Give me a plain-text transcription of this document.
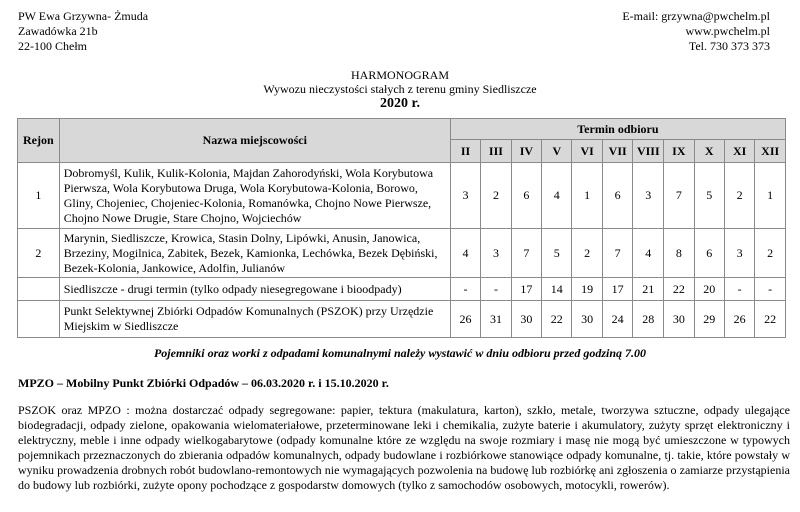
PW Ewa Grzywna- Żmuda
Zawadówka 21b
22-100 Chełm
E-mail: grzywna@pwchelm.pl
www.pwchelm.pl
Tel. 730 373 373
HARMONOGRAM
Wywozu nieczystości stałych z terenu gminy Siedliszcze
2020 r.
Rejon	Nazwa miejscowości	Termin odbioru										
		II	III	IV	V	VI	VII	VIII	IX	X	XI	XII
1	Dobromyśl, Kulik, Kulik-Kolonia, Majdan Zahorodyński, Wola Korybutowa Pierwsza, Wola Korybutowa Druga, Wola Korybutowa-Kolonia, Borowo, Gliny, Chojeniec, Chojeniec-Kolonia, Romanówka, Chojno Nowe Pierwsze, Chojno Nowe Drugie, Stare Chojno, Wojciechów	3	2	6	4	1	6	3	7	5	2	1
2	Marynin, Siedliszcze, Krowica, Stasin Dolny, Lipówki, Anusin, Janowica, Brzeziny, Mogilnica, Zabitek, Bezek, Kamionka, Lechówka, Bezek Dębiński, Bezek-Kolonia, Jankowice, Adolfin, Julianów	4	3	7	5	2	7	4	8	6	3	2
	Siedliszcze - drugi termin (tylko odpady niesegregowane i bioodpady)	-	-	17	14	19	17	21	22	20	-	-
	Punkt Selektywnej Zbiórki Odpadów Komunalnych (PSZOK) przy Urzędzie Miejskim w Siedliszcze	26	31	30	22	30	24	28	30	29	26	22
Pojemniki oraz worki z odpadami komunalnymi należy wystawić w dniu odbioru przed godziną 7.00
MPZO – Mobilny Punkt Zbiórki Odpadów – 06.03.2020 r. i 15.10.2020 r.
PSZOK oraz MPZO : można dostarczać odpady segregowane: papier, tektura (makulatura, karton), szkło, metale, tworzywa sztuczne, odpady ulegające biodegradacji, odpady zielone, opakowania wielomateriałowe, przeterminowane leki i chemikalia, zużyte baterie i akumulatory, zużyty sprzęt elektroniczny i elektryczny, meble i inne odpady wielkogabarytowe (odpady komunalne które ze względu na swoje rozmiary i masę nie mogą być umieszczone w typowych pojemnikach przeznaczonych do zbierania odpadów komunalnych, odpady budowlane i rozbiórkowe stanowiące odpady komunalne, tj. takie, które powstały w wyniku prowadzenia drobnych robót budowlano-remontowych nie wymagających pozwolenia na budowę lub rozbiórkę ani zgłoszenia o zamiarze przystąpienia do budowy lub rozbiórki, zużyte opony pochodzące z gospodarstw domowych (tylko z samochodów osobowych, motocykli, rowerów).
